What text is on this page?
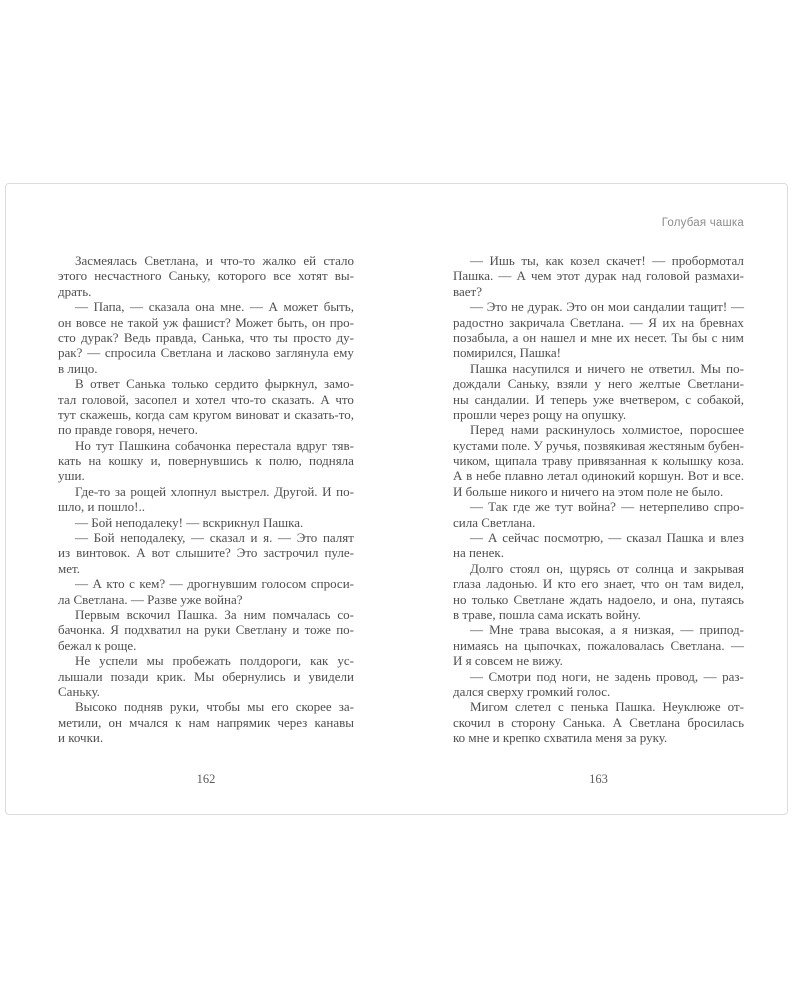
Голубая чашка
Засмеялась Светлана, и что-то жалко ей стало
этого несчастного Саньку, которого все хотят вы-
драть.
— Папа, — сказала она мне. — А может быть,
он вовсе не такой уж фашист? Может быть, он про-
сто дурак? Ведь правда, Санька, что ты просто ду-
рак? — спросила Светлана и ласково заглянула ему
в лицо.
В ответ Санька только сердито фыркнул, замо-
тал головой, засопел и хотел что-то сказать. А что
тут скажешь, когда сам кругом виноват и сказать-то,
по правде говоря, нечего.
Но тут Пашкина собачонка перестала вдруг тяв-
кать на кошку и, повернувшись к полю, подняла
уши.
Где-то за рощей хлопнул выстрел. Другой. И по-
шло, и пошло!..
— Бой неподалеку! — вскрикнул Пашка.
— Бой неподалеку, — сказал и я. — Это палят
из винтовок. А вот слышите? Это застрочил пуле-
мет.
— А кто с кем? — дрогнувшим голосом спроси-
ла Светлана. — Разве уже война?
Первым вскочил Пашка. За ним помчалась со-
бачонка. Я подхватил на руки Светлану и тоже по-
бежал к роще.
Не успели мы пробежать полдороги, как ус-
лышали позади крик. Мы обернулись и увидели
Саньку.
Высоко подняв руки, чтобы мы его скорее за-
метили, он мчался к нам напрямик через канавы
и кочки.
— Ишь ты, как козел скачет! — пробормотал
Пашка. — А чем этот дурак над головой размахи-
вает?
— Это не дурак. Это он мои сандалии тащит! —
радостно закричала Светлана. — Я их на бревнах
позабыла, а он нашел и мне их несет. Ты бы с ним
помирился, Пашка!
Пашка насупился и ничего не ответил. Мы по-
дождали Саньку, взяли у него желтые Светлани-
ны сандалии. И теперь уже вчетвером, с собакой,
прошли через рощу на опушку.
Перед нами раскинулось холмистое, поросшее
кустами поле. У ручья, позвякивая жестяным бубен-
чиком, щипала траву привязанная к колышку коза.
А в небе плавно летал одинокий коршун. Вот и все.
И больше никого и ничего на этом поле не было.
— Так где же тут война? — нетерпеливо спро-
сила Светлана.
— А сейчас посмотрю, — сказал Пашка и влез
на пенек.
Долго стоял он, щурясь от солнца и закрывая
глаза ладонью. И кто его знает, что он там видел,
но только Светлане ждать надоело, и она, путаясь
в траве, пошла сама искать войну.
— Мне трава высокая, а я низкая, — припод-
нимаясь на цыпочках, пожаловалась Светлана. —
И я совсем не вижу.
— Смотри под ноги, не задень провод, — раз-
дался сверху громкий голос.
Мигом слетел с пенька Пашка. Неуклюже от-
скочил в сторону Санька. А Светлана бросилась
ко мне и крепко схватила меня за руку.
162	163
